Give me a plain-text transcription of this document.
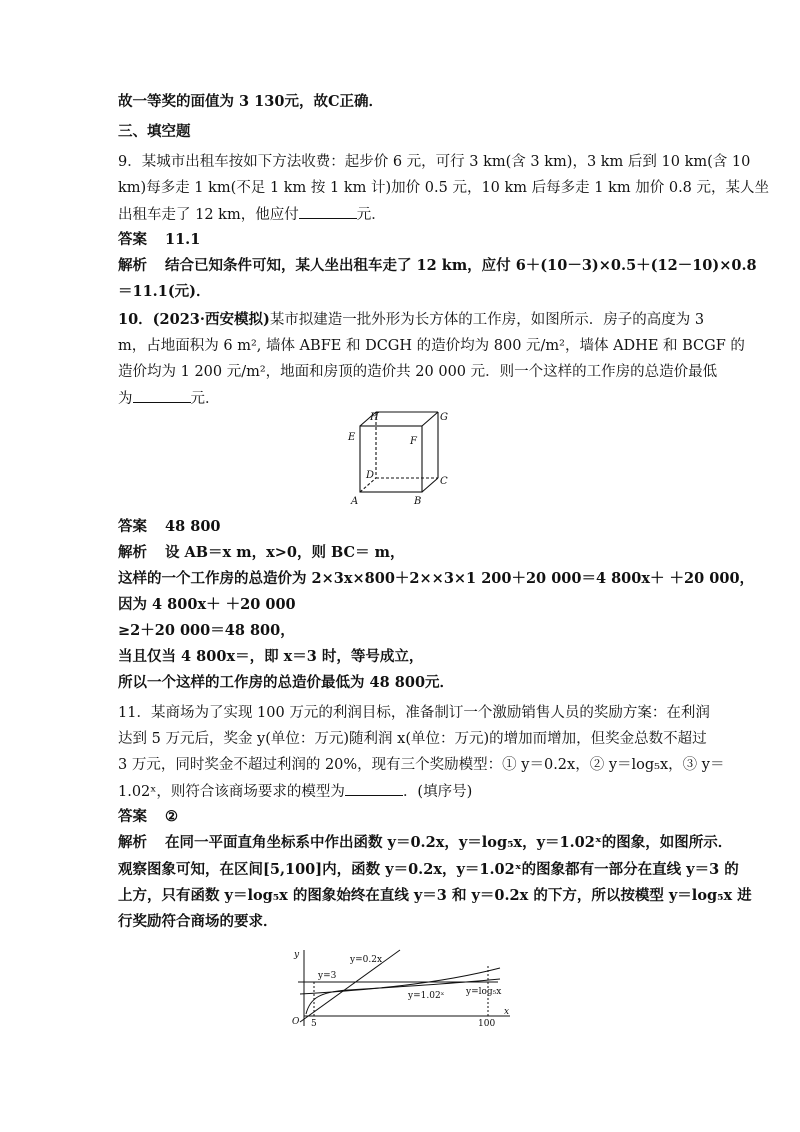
故一等奖的面值为 3 130元，故C正确．
三、填空题
9．某城市出租车按如下方法收费：起步价 6 元，可行 3 km(含 3 km)，3 km 后到 10 km(含 10
km)每多走 1 km(不足 1 km 按 1 km 计)加价 0.5 元，10 km 后每多走 1 km 加价 0.8 元，某人坐
出租车走了 12 km，他应付	元．
答案 11.1
解析 结合已知条件可知，某人坐出租车走了 12 km，应付 6＋(10－3)×0.5＋(12－10)×0.8
＝11.1(元)．
10．(2023·西安模拟)某市拟建造一批外形为长方体的工作房，如图所示．房子的高度为 3
m，占地面积为 6 m², 墙体 ABFE 和 DCGH 的造价均为 800 元/m²，墙体 ADHE 和 BCGF 的
造价均为 1 200 元/m²，地面和房顶的造价共 20 000 元．则一个这样的工作房的总造价最低
为	元．
H	G
E	F
D
C
A	B
答案 48 800
解析 设 AB＝x m，x>0，则 BC＝ m，
这样的一个工作房的总造价为 2×3x×800＋2××3×1 200＋20 000＝4 800x＋ ＋20 000，
因为 4 800x＋ ＋20 000
≥2＋20 000＝48 800，
当且仅当 4 800x＝，即 x＝3 时，等号成立，
所以一个这样的工作房的总造价最低为 48 800元．
11．某商场为了实现 100 万元的利润目标，准备制订一个激励销售人员的奖励方案：在利润
达到 5 万元后，奖金 y(单位：万元)随利润 x(单位：万元)的增加而增加，但奖金总数不超过
3 万元，同时奖金不超过利润的 20%，现有三个奖励模型：① y＝0.2x，② y＝log₅x，③ y＝
1.02ˣ，则符合该商场要求的模型为	．(填序号)
答案 ②
解析 在同一平面直角坐标系中作出函数 y＝0.2x，y＝log₅x，y＝1.02ˣ的图象，如图所示．
观察图象可知，在区间[5,100]内，函数 y＝0.2x，y＝1.02ˣ的图象都有一部分在直线 y＝3 的
上方，只有函数 y＝log₅x 的图象始终在直线 y＝3 和 y＝0.2x 的下方，所以按模型 y＝log₅x 进
行奖励符合商场的要求．
y
x
O 5	100
y=3
y=0.2x
y=1.02ˣ y=log₅x
